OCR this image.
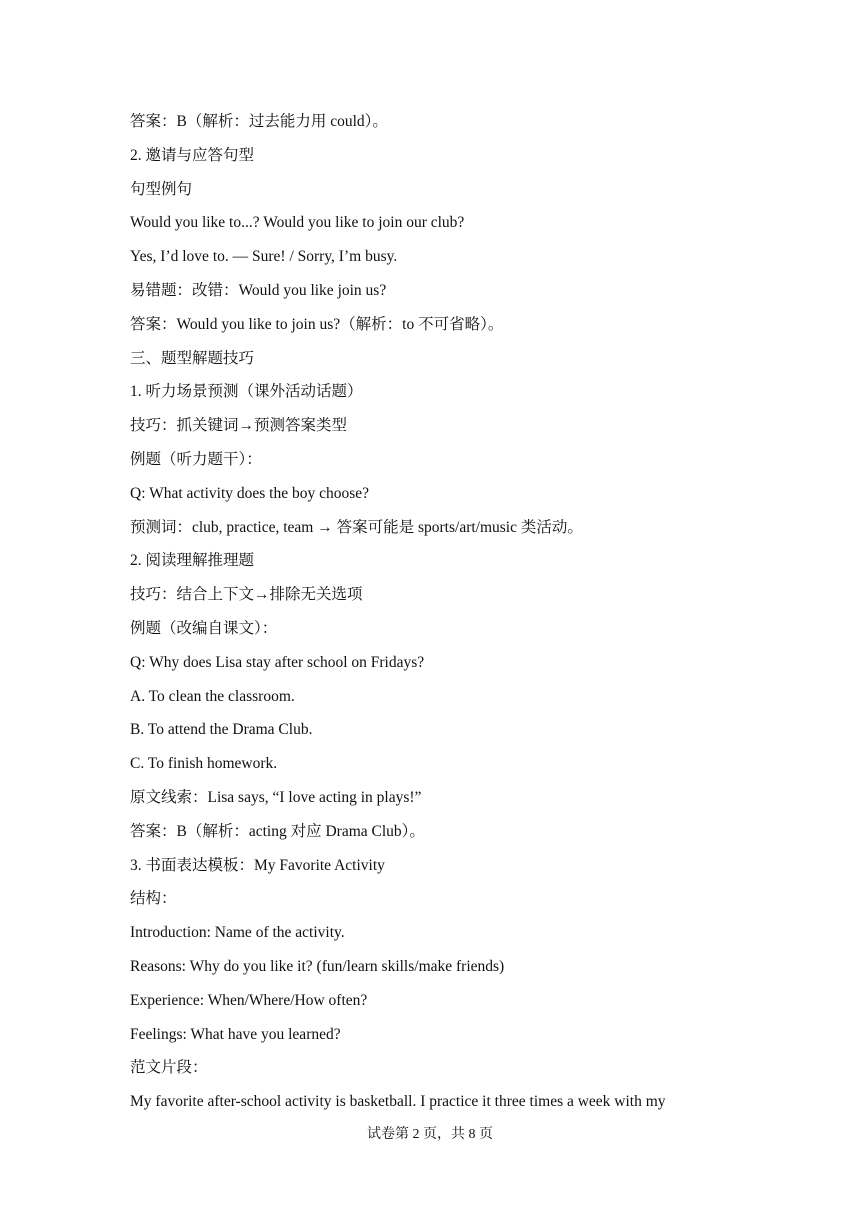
答案：B（解析：过去能力用 could）。
2. 邀请与应答句型
句型例句
Would you like to...? Would you like to join our club?
Yes, I’d love to. — Sure! / Sorry, I’m busy.
易错题：改错：Would you like join us?
答案：Would you like to join us?（解析：to 不可省略）。
三、题型解题技巧
1. 听力场景预测（课外活动话题）
技巧：抓关键词→预测答案类型
例题（听力题干）：
Q: What activity does the boy choose?
预测词：club, practice, team → 答案可能是 sports/art/music 类活动。
2. 阅读理解推理题
技巧：结合上下文→排除无关选项
例题（改编自课文）：
Q: Why does Lisa stay after school on Fridays?
A. To clean the classroom.
B. To attend the Drama Club.
C. To finish homework.
原文线索：Lisa says, “I love acting in plays!”
答案：B（解析：acting 对应 Drama Club）。
3. 书面表达模板：My Favorite Activity
结构：
Introduction: Name of the activity.
Reasons: Why do you like it? (fun/learn skills/make friends)
Experience: When/Where/How often?
Feelings: What have you learned?
范文片段：
My favorite after-school activity is basketball. I practice it three times a week with my
试卷第 2 页，共 8 页
